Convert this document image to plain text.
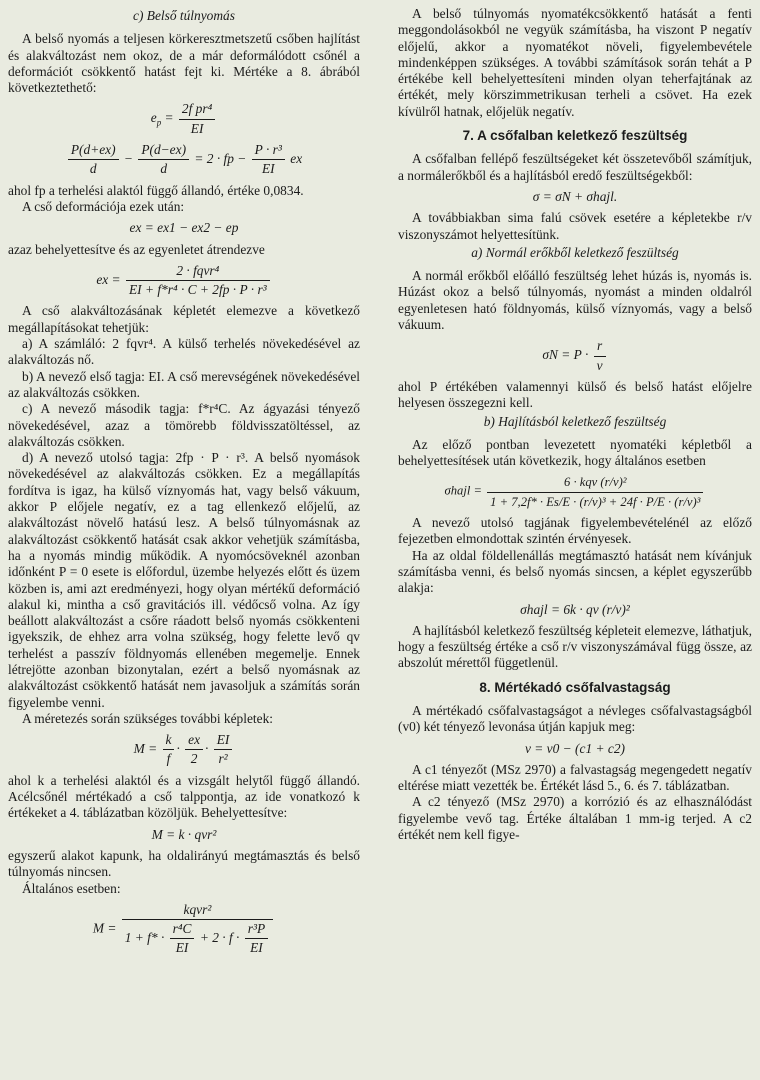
c) Belső túlnyomás

A belső nyomás a teljesen körkeresztmetszetű csőben hajlítást és alakváltozást nem okoz, de a már deformálódott csőnél a deformációt csökkentő hatást fejt ki. Mértéke a 8. ábrából következtethető:

$e_p = \frac{\text{2f pr⁴}}{EI}$
$\frac{P(d+ex)}{d} - \frac{P(d-ex)}{d} = 2$ · fp − $\frac{\text{P · r³}}{EI}$ ex

ahol fp a terhelési alaktól függő állandó, értéke 0,0834.

A cső deformációja ezek után:

ex = ex1 − ex2 − ep

azaz behelyettesítve és az egyenletet átrendezve

ex = $\frac{\text{2 · fqvr⁴}}{\text{EI + f*r⁴ · C + 2fp · P · r³}}$

A cső alakváltozásának képletét elemezve a következő megállapításokat tehetjük:

a) A számláló: 2 fqvr⁴. A külső terhelés növekedésével az alakváltozás nő.

b) A nevező első tagja: EI. A cső merevségének növekedésével az alakváltozás csökken.

c) A nevező második tagja: f*r⁴C. Az ágyazási tényező növekedésével, azaz a tömörebb földvisszatöltéssel, az alakváltozás csökken.

d) A nevező utolsó tagja: 2fp · P · r³. A belső nyomások növekedésével az alakváltozás csökken. Ez a megállapítás fordítva is igaz, ha külső víznyomás hat, vagy belső vákuum, akkor P előjele negatív, ez a tag ellenkező előjelű, az alakváltozást növelő hatású lesz. A belső túlnyomásnak az alakváltozást csökkentő hatását csak akkor vehetjük számításba, ha a nyomás mindig működik. A nyomócsöveknél azonban időnként P = 0 esete is előfordul, üzembe helyezés előtt és üzem közben is, ami azt eredményezi, hogy olyan mértékű deformáció alakul ki, mintha a cső gravitációs ill. védőcső volna. Az így beállott alakváltozást a csőre ráadott belső nyomás csökkenteni igyekszik, de ehhez arra volna szükség, hogy felette levő qv terhelést a passzív földnyomás ellenében megemelje. Ennek létrejötte azonban bizonytalan, ezért a belső nyomásnak az alakváltozást csökkentő hatását nem javasoljuk a számítás során figyelembe venni.

A méretezés során szükséges további képletek:

$M = \frac{k}{f} \cdot \frac{ex}{2} \cdot \frac{EI}{\text{r²}}$

ahol k a terhelési alaktól és a vizsgált helytől függő állandó. Acélcsőnél mértékadó a cső talppontja, az ide vonatkozó k értékeket a 4. táblázatban közöljük. Behelyettesítve:

M = k · qvr²

egyszerű alakot kapunk, ha oldalirányú megtámasztás és belső túlnyomás nincsen.

Általános esetben:

$M = \frac{\text{kqvr²}}{1 + f* \cdot \frac{\text{r⁴C}}{EI} + 2 \cdot f \cdot \frac{\text{r³P}}{EI}}$

A belső túlnyomás nyomatékcsökkentő hatását a fenti meggondolásokból ne vegyük számításba, ha viszont P negatív előjelű, akkor a nyomatékot növeli, figyelembevétele mindenképpen szükséges. A további számítások során tehát a P értékébe kell behelyettesíteni minden olyan teherfajtának az értékét, mely körszimmetrikusan terheli a csövet. Ha ezek kívülről hatnak, előjelük negatív.

7. A csőfalban keletkező feszültség

A csőfalban fellépő feszültségeket két összetevőből számítjuk, a normálerőkből és a hajlításból eredő feszültségekből:

σ = σN + σhajl.

A továbbiakban sima falú csövek esetére a képletekbe r/v viszonyszámot helyettesítünk.

a) Normál erőkből keletkező feszültség

A normál erőkből előálló feszültség lehet húzás is, nyomás is. Húzást okoz a belső túlnyomás, nyomást a minden oldalról egyenletesen ható földnyomás, külső víznyomás, vagy a belső vákuum.

$\sigma N = P \cdot \frac{r}{v}$

ahol P értékében valamennyi külső és belső hatást előjelre helyesen összegezni kell.

b) Hajlításból keletkező feszültség

Az előző pontban levezetett nyomatéki képletből a behelyettesítések után következik, hogy általános esetben

σhajl = $\frac{\text{6 · kqv (r/v)²}}{\text{1 + 7,2f* · Es/E · (r/v)³ + 24f · P/E · (r/v)³}}$

A nevező utolsó tagjának figyelembevételénél az előző fejezetben elmondottak szintén érvényesek.

Ha az oldal földellenállás megtámasztó hatását nem kívánjuk számításba venni, és belső nyomás sincsen, a képlet egyszerűbb alakja:

σhajl = 6k · qv (r/v)²

A hajlításból keletkező feszültség képleteit elemezve, láthatjuk, hogy a feszültség értéke a cső r/v viszonyszámával függ össze, az abszolút mérettől függetlenül.

8. Mértékadó csőfalvastagság

A mértékadó csőfalvastagságot a névleges csőfalvastagságból (v0) két tényező levonása útján kapjuk meg:

v = v0 − (c1 + c2)

A c1 tényezőt (MSz 2970) a falvastagság megengedett negatív eltérése miatt vezették be. Értékét lásd 5., 6. és 7. táblázatban.

A c2 tényező (MSz 2970) a korrózió és az elhasználódást figyelembe vevő tag. Értéke általában 1 mm-ig terjed. A c2 értékét nem kell figye-
